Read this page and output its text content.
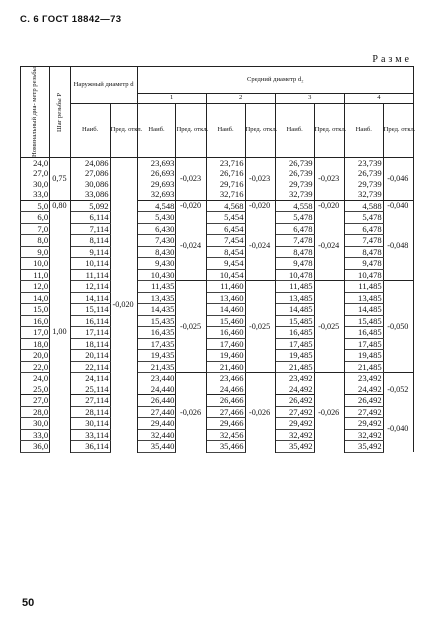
С. 6 ГОСТ 18842—73
Разме
Номинальный диа- метр резьбы	Шаг резьбы P	Наружный диаметр d		Средний диаметр d₂							
				1		2		3		4	
		Наиб.	Пред. откл.	Наиб.	Пред. откл.	Наиб.	Пред. откл.	Наиб.	Пред. откл.	Наиб.	Пред. откл.
24,0	0,75	24,086	-0,020	23,693	-0,023	23,716	-0,023	26,739	-0,023	23,739	-0,046
27,0		27,086		26,693		26,716		26,739		26,739	
30,0		30,086		29,693		29,716		29,739		29,739	
33,0		33,086		32,693		32,716		32,739		32,739	
5,0	0,80	5,092		4,548	-0,020	4,568	-0,020	4,558	-0,020	4,588	-0,040
6,0	1,00	6,114		5,430	-0,024	5,454	-0,024	5,478	-0,024	5,478	-0,048
7,0		7,114		6,430		6,454		6,478		6,478	
8,0		8,114		7,430		7,454		7,478		7,478	
9,0		9,114		8,430		8,454		8,478		8,478	
10,0		10,114		9,430		9,454		9,478		9,478	
11,0		11,114		10,430		10,454		10,478		10,478	
12,0		12,114		11,435	-0,025	11,460	-0,025	11,485	-0,025	11,485	-0,050
14,0		14,114		13,435		13,460		13,485		13,485	
15,0		15,114		14,435		14,460		14,485		14,485	
16,0		16,114		15,435		15,460		15,485		15,485	
17,0		17,114		16,435		16,460		16,485		16,485	
18,0		18,114		17,435		17,460		17,485		17,485	
20,0		20,114		19,435		19,460		19,485		19,485	
22,0		22,114		21,435		21,460		21,485		21,485	
24,0		24,114		23,440	-0,026	23,466	-0,026	23,492	-0,026	23,492	-0,052
25,0		25,114		24,440		24,466		24,492		24,492	
27,0		27,114		26,440		26,466		26,492		26,492	
28,0		28,114		27,440		27,466		27,492		27,492	-0,040
30,0		30,114		29,440		29,466		29,492		29,492	
33,0		33,114		32,440		32,456		32,492		32,492	
36,0		36,114		35,440		35,466		35,492		35,492	
50
